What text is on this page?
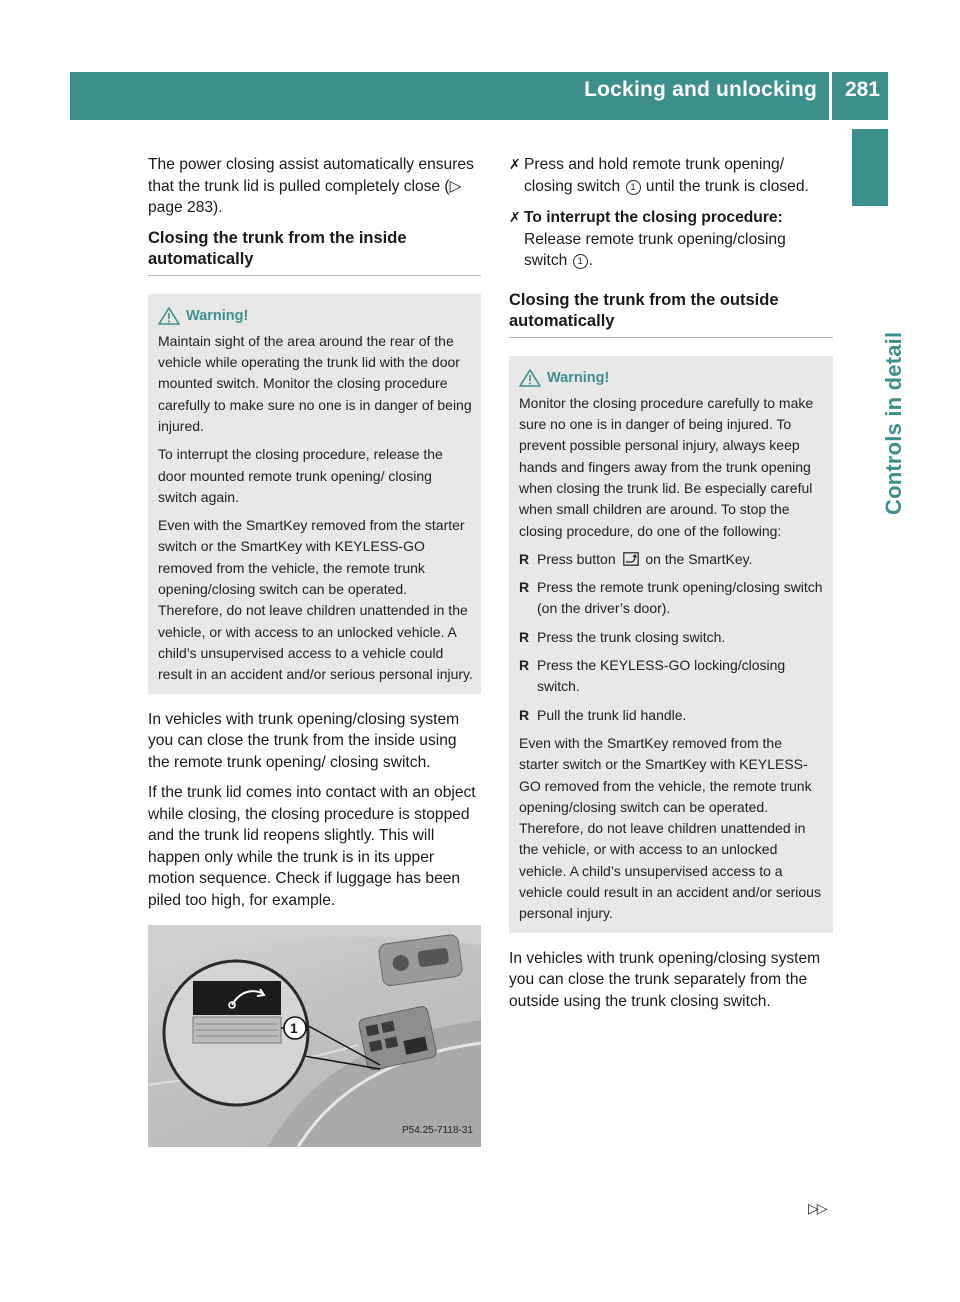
Locking and unlocking 281
Controls in detail

The power closing assist automatically ensures that the trunk lid is pulled completely close (▷ page 283).

Closing the trunk from the inside automatically
Warning!

Maintain sight of the area around the rear of the vehicle while operating the trunk lid with the door mounted switch. Monitor the closing procedure carefully to make sure no one is in danger of being injured.

To interrupt the closing procedure, release the door mounted remote trunk opening/ closing switch again.

Even with the SmartKey removed from the starter switch or the SmartKey with KEYLESS-GO removed from the vehicle, the remote trunk opening/closing switch can be operated. Therefore, do not leave children unattended in the vehicle, or with access to an unlocked vehicle. A child’s unsupervised access to a vehicle could result in an accident and/or serious personal injury.

In vehicles with trunk opening/closing system you can close the trunk from the inside using the remote trunk opening/ closing switch.

If the trunk lid comes into contact with an object while closing, the closing procedure is stopped and the trunk lid reopens slightly. This will happen only while the trunk is in its upper motion sequence. Check if luggage has been piled too high, for example.

1
P54.25-7118-31
✗ Press and hold remote trunk opening/ closing switch 1 until the trunk is closed.
✗ To interrupt the closing procedure:
Release remote trunk opening/closing switch 1 .
Closing the trunk from the outside automatically
Warning!

Monitor the closing procedure carefully to make sure no one is in danger of being injured. To prevent possible personal injury, always keep hands and fingers away from the trunk opening when closing the trunk lid. Be especially careful when small children are around. To stop the closing procedure, do one of the following:

R Press button on the SmartKey.
R Press the remote trunk opening/closing switch (on the driver’s door).
R Press the trunk closing switch.
R Press the KEYLESS-GO locking/closing switch.
R Pull the trunk lid handle.

Even with the SmartKey removed from the starter switch or the SmartKey with KEYLESS-GO removed from the vehicle, the remote trunk opening/closing switch can be operated. Therefore, do not leave children unattended in the vehicle, or with access to an unlocked vehicle. A child’s unsupervised access to a vehicle could result in an accident and/or serious personal injury.

In vehicles with trunk opening/closing system you can close the trunk separately from the outside using the trunk closing switch.

▷▷
